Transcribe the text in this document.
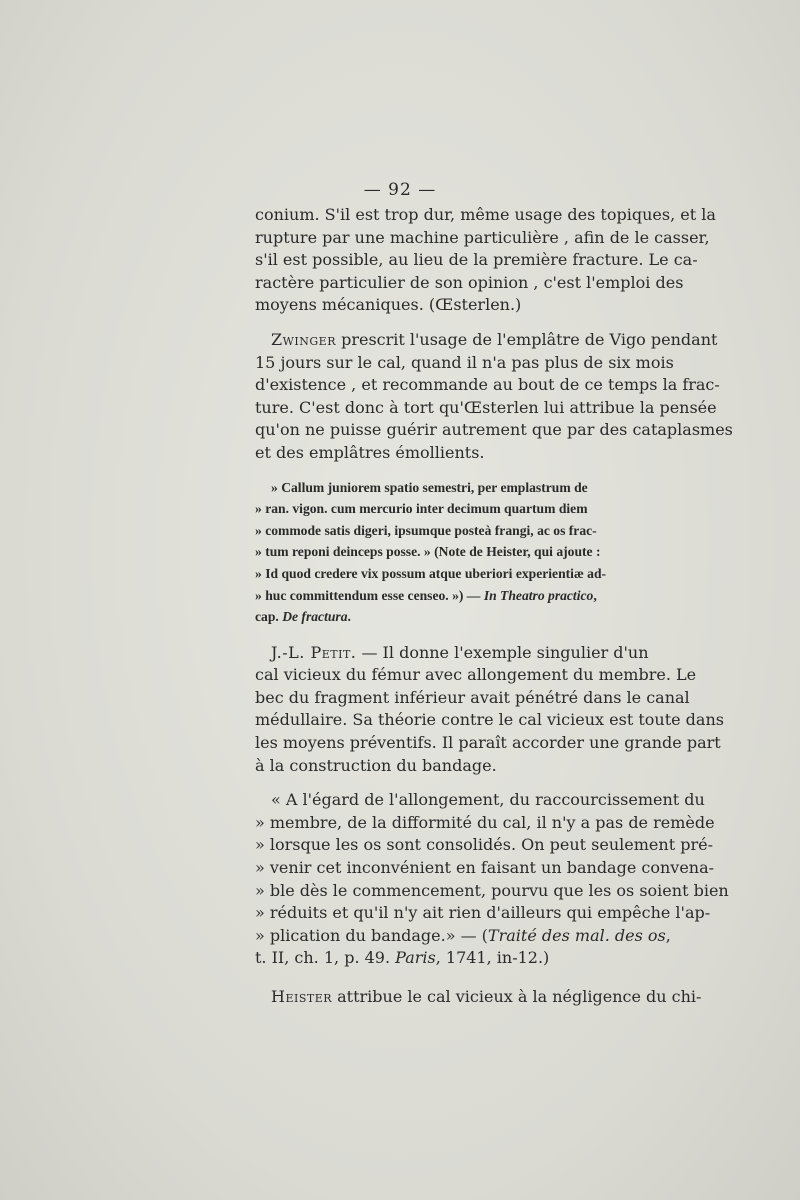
— 92 —
conium. S'il est trop dur, même usage des topiques, et la
rupture par une machine particulière , afin de le casser,
s'il est possible, au lieu de la première fracture. Le ca-
ractère particulier de son opinion , c'est l'emploi des
moyens mécaniques. (Œsterlen.)
Zwinger prescrit l'usage de l'emplâtre de Vigo pendant
15 jours sur le cal, quand il n'a pas plus de six mois
d'existence , et recommande au bout de ce temps la frac-
ture. C'est donc à tort qu'Œsterlen lui attribue la pensée
qu'on ne puisse guérir autrement que par des cataplasmes
et des emplâtres émollients.
» Callum juniorem spatio semestri, per emplastrum de
» ran. vigon. cum mercurio inter decimum quartum diem
» commode satis digeri, ipsumque posteà frangi, ac os frac-
» tum reponi deinceps posse. » (Note de Heister, qui ajoute :
» Id quod credere vix possum atque uberiori experientiæ ad-
» huc committendum esse censeo. ») — In Theatro practico,
cap. De fractura.
J.-L. Petit. — Il donne l'exemple singulier d'un
cal vicieux du fémur avec allongement du membre. Le
bec du fragment inférieur avait pénétré dans le canal
médullaire. Sa théorie contre le cal vicieux est toute dans
les moyens préventifs. Il paraît accorder une grande part
à la construction du bandage.
« A l'égard de l'allongement, du raccourcissement du
» membre, de la difformité du cal, il n'y a pas de remède
» lorsque les os sont consolidés. On peut seulement pré-
» venir cet inconvénient en faisant un bandage convena-
» ble dès le commencement, pourvu que les os soient bien
» réduits et qu'il n'y ait rien d'ailleurs qui empêche l'ap-
» plication du bandage.» — (Traité des mal. des os,
t. II, ch. 1, p. 49. Paris, 1741, in-12.)
Heister attribue le cal vicieux à la négligence du chi-
